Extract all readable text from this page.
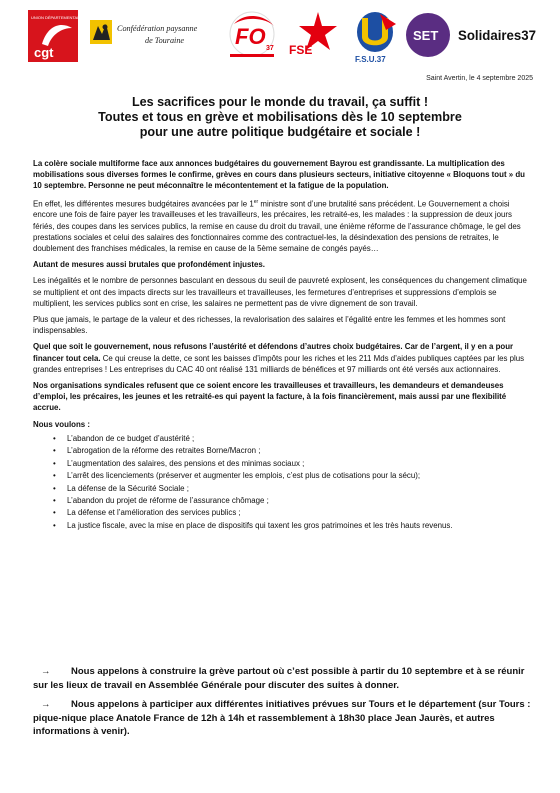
UNION DÉPARTEMENTALE 37
cgt
Confédération paysanne
de Touraine FO 37 FSE
F.S.U.37
SET Solidaires37
Saint Avertin, le 4 septembre 2025
Les sacrifices pour le monde du travail, ça suffit !
Toutes et tous en grève et mobilisations dès le 10 septembre
pour une autre politique budgétaire et sociale !

La colère sociale multiforme face aux annonces budgétaires du gouvernement Bayrou est grandissante. La multiplication des mobilisations sous diverses formes le confirme, grèves en cours dans plusieurs secteurs, initiative citoyenne « Bloquons tout » du 10 septembre. Personne ne peut méconnaître le mécontentement et la fatigue de la population.

En effet, les différentes mesures budgétaires avancées par le 1er ministre sont d’une brutalité sans précédent. Le Gouvernement a choisi encore une fois de faire payer les travailleuses et les travailleurs, les précaires, les retraité-es, les malades : la suppression de deux jours fériés, des coupes dans les services publics, la remise en cause du droit du travail, une énième réforme de l’assurance chômage, le gel des prestations sociales et celui des salaires des fonctionnaires comme des contractuel-les, la désindexation des pensions de retraites, le doublement des franchises médicales, la remise en cause de la 5ème semaine de congés payés…

Autant de mesures aussi brutales que profondément injustes.

Les inégalités et le nombre de personnes basculant en dessous du seuil de pauvreté explosent, les conséquences du changement climatique se multiplient et ont des impacts directs sur les travailleurs et travailleuses, les fermetures d’entreprises et suppressions d’emplois se multiplient, les services publics sont en crise, les salaires ne permettent pas de vivre dignement de son travail.

Plus que jamais, le partage de la valeur et des richesses, la revalorisation des salaires et l’égalité entre les femmes et les hommes sont indispensables.

Quel que soit le gouvernement, nous refusons l’austérité et défendons d’autres choix budgétaires. Car de l’argent, il y en a pour financer tout cela. Ce qui creuse la dette, ce sont les baisses d’impôts pour les riches et les 211 Mds d’aides publiques captées par les plus grandes entreprises ! Les entreprises du CAC 40 ont réalisé 131 milliards de bénéfices et 97 milliards ont été versés aux actionnaires.

Nos organisations syndicales refusent que ce soient encore les travailleuses et travailleurs, les demandeurs et demandeuses d’emploi, les précaires, les jeunes et les retraité-es qui payent la facture, à la fois financièrement, mais aussi par une flexibilité accrue.

Nous voulons :
• L’abandon de ce budget d’austérité ;
• L’abrogation de la réforme des retraites Borne/Macron ;
• L’augmentation des salaires, des pensions et des minimas sociaux ;
• L’arrêt des licenciements (préserver et augmenter les emplois, c’est plus de cotisations pour la sécu);
• La défense de la Sécurité Sociale ;
• L’abandon du projet de réforme de l’assurance chômage ;
• La défense et l’amélioration des services publics ;
• La justice fiscale, avec la mise en place de dispositifs qui taxent les gros patrimoines et les très hauts revenus.

→ Nous appelons à construire la grève partout où c’est possible à partir du 10 septembre et à se réunir sur les lieux de travail en Assemblée Générale pour discuter des suites à donner.

→ Nous appelons à participer aux différentes initiatives prévues sur Tours et le département (sur Tours : pique-nique place Anatole France de 12h à 14h et rassemblement à 18h30 place Jean Jaurès, et autres informations à venir).
